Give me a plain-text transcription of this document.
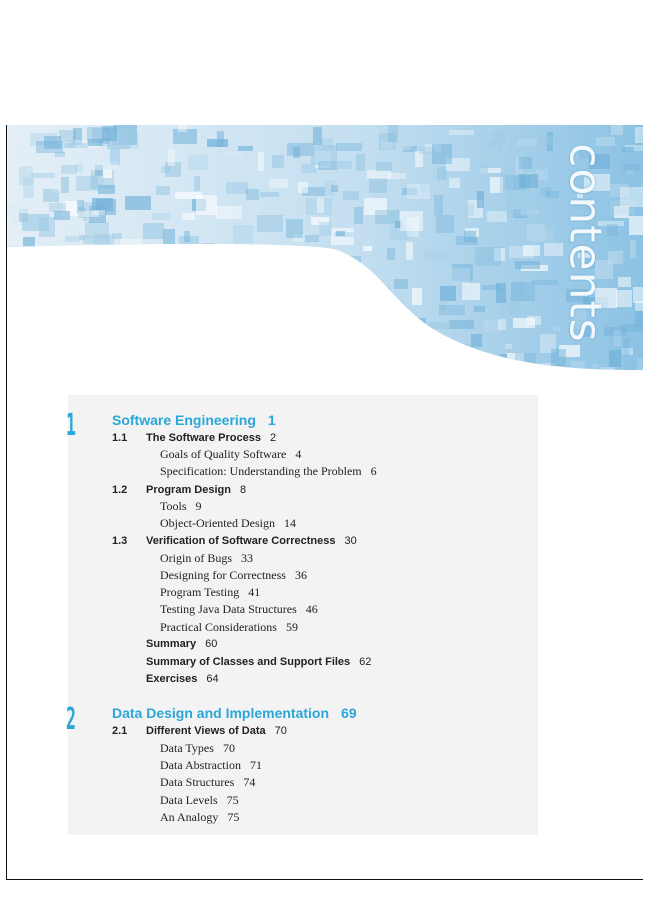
contents
1	Software Engineering 1
1.1 The Software Process 2
Goals of Quality Software 4
Specification: Understanding the Problem 6
1.2 Program Design 8
Tools 9
Object-Oriented Design 14
1.3 Verification of Software Correctness 30
Origin of Bugs 33
Designing for Correctness 36
Program Testing 41
Testing Java Data Structures 46
Practical Considerations 59
Summary 60
Summary of Classes and Support Files 62
Exercises 64
2	Data Design and Implementation 69
2.1 Different Views of Data 70
Data Types 70
Data Abstraction 71
Data Structures 74
Data Levels 75
An Analogy 75
